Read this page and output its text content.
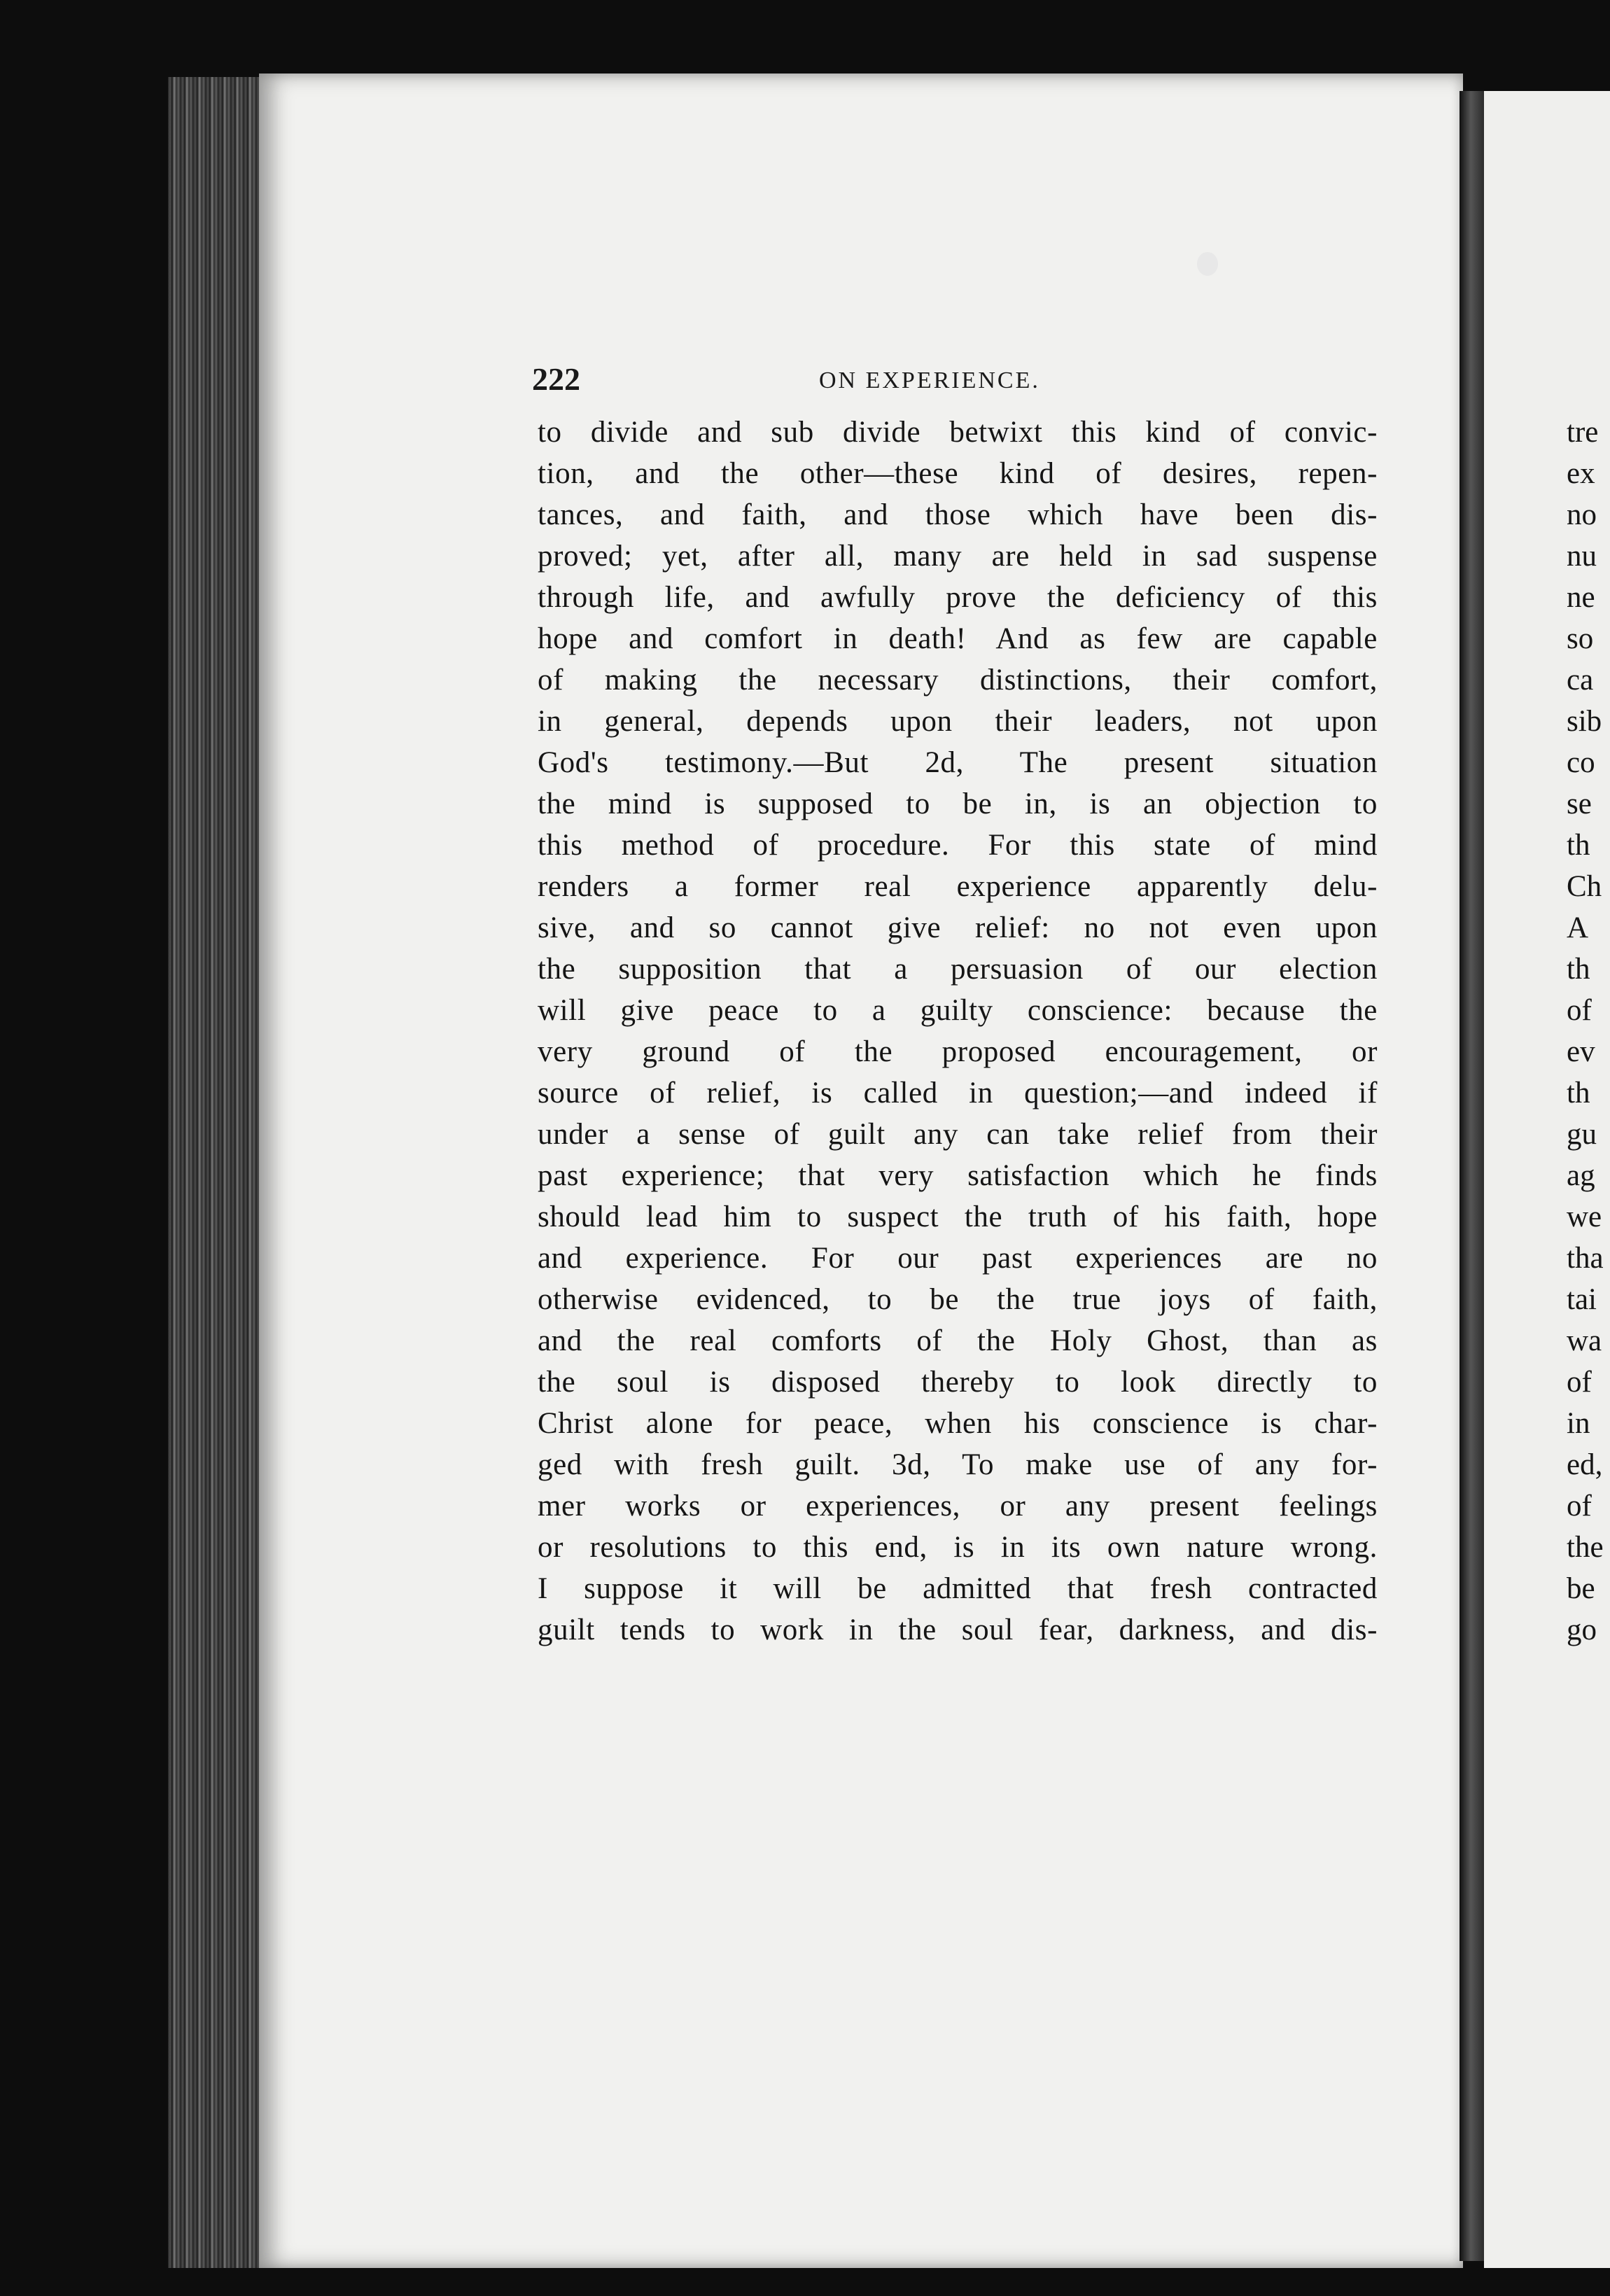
222	ON EXPERIENCE.
to divide and sub divide betwixt this kind of convic-
tion, and the other—these kind of desires, repen-
tances, and faith, and those which have been dis-
proved; yet, after all, many are held in sad suspense
through life, and awfully prove the deficiency of this
hope and comfort in death! And as few are capable
of making the necessary distinctions, their comfort,
in general, depends upon their leaders, not upon
God's testimony.—But 2d, The present situation
the mind is supposed to be in, is an objection to
this method of procedure. For this state of mind
renders a former real experience apparently delu-
sive, and so cannot give relief: no not even upon
the supposition that a persuasion of our election
will give peace to a guilty conscience: because the
very ground of the proposed encouragement, or
source of relief, is called in question;—and indeed if
under a sense of guilt any can take relief from their
past experience; that very satisfaction which he finds
should lead him to suspect the truth of his faith, hope
and experience. For our past experiences are no
otherwise evidenced, to be the true joys of faith,
and the real comforts of the Holy Ghost, than as
the soul is disposed thereby to look directly to
Christ alone for peace, when his conscience is char-
ged with fresh guilt. 3d, To make use of any for-
mer works or experiences, or any present feelings
or resolutions to this end, is in its own nature wrong.
I suppose it will be admitted that fresh contracted
guilt tends to work in the soul fear, darkness, and dis-
tre
ex
no
nu
ne
so
ca
sib
co
se
th
Ch
A
th
of
ev
th
gu
ag
we
tha
tai
wa
of
in
ed,
of
the
be
go
